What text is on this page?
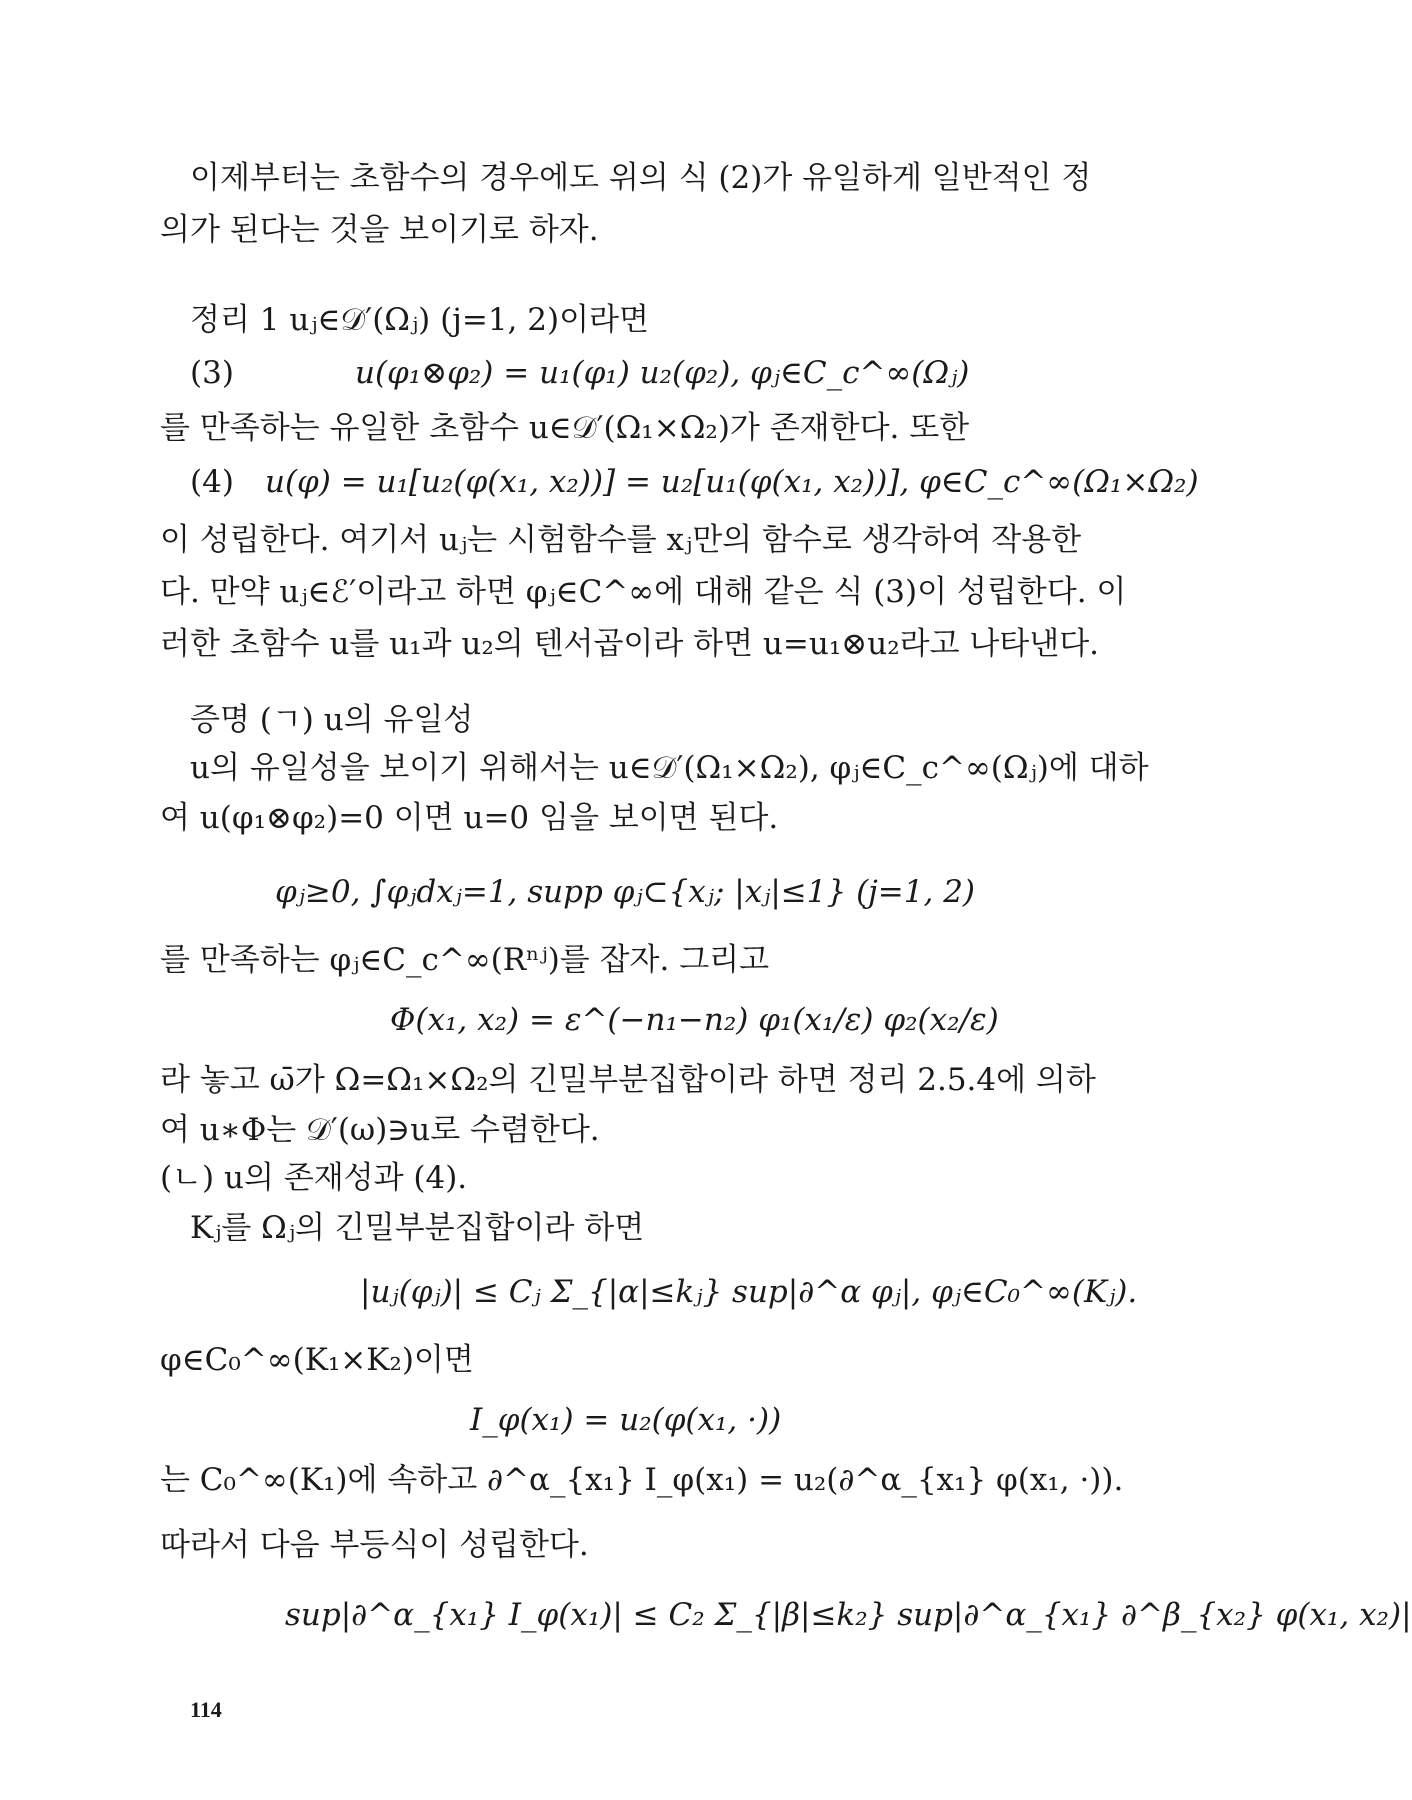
이제부터는 초함수의 경우에도 위의 식 (2)가 유일하게 일반적인 정
의가 된다는 것을 보이기로 하자.
정리 1 uⱼ∈𝒟′(Ωⱼ) (j=1, 2)이라면
(3)	u(φ₁⊗φ₂) = u₁(φ₁) u₂(φ₂), φⱼ∈C_c^∞(Ωⱼ)
를 만족하는 유일한 초함수 u∈𝒟′(Ω₁×Ω₂)가 존재한다. 또한
(4) u(φ) = u₁[u₂(φ(x₁, x₂))] = u₂[u₁(φ(x₁, x₂))], φ∈C_c^∞(Ω₁×Ω₂)
이 성립한다. 여기서 uⱼ는 시험함수를 xⱼ만의 함수로 생각하여 작용한
다. 만약 uⱼ∈ℰ′이라고 하면 φⱼ∈C^∞에 대해 같은 식 (3)이 성립한다. 이
러한 초함수 u를 u₁과 u₂의 텐서곱이라 하면 u=u₁⊗u₂라고 나타낸다.
증명 (ㄱ) u의 유일성
u의 유일성을 보이기 위해서는 u∈𝒟′(Ω₁×Ω₂), φⱼ∈C_c^∞(Ωⱼ)에 대하
여 u(φ₁⊗φ₂)=0 이면 u=0 임을 보이면 된다.
φⱼ≥0, ∫φⱼdxⱼ=1, supp φⱼ⊂{xⱼ; |xⱼ|≤1} (j=1, 2)
를 만족하는 φⱼ∈C_c^∞(Rⁿʲ)를 잡자. 그리고
Φ(x₁, x₂) = ε^(−n₁−n₂) φ₁(x₁/ε) φ₂(x₂/ε)
라 놓고 ω̄가 Ω=Ω₁×Ω₂의 긴밀부분집합이라 하면 정리 2.5.4에 의하
여 u∗Φ는 𝒟′(ω)∋u로 수렴한다.
(ㄴ) u의 존재성과 (4).
Kⱼ를 Ωⱼ의 긴밀부분집합이라 하면
|uⱼ(φⱼ)| ≤ Cⱼ Σ_{|α|≤kⱼ} sup|∂^α φⱼ|, φⱼ∈C₀^∞(Kⱼ).
φ∈C₀^∞(K₁×K₂)이면
I_φ(x₁) = u₂(φ(x₁, ·))
는 C₀^∞(K₁)에 속하고 ∂^α_{x₁} I_φ(x₁) = u₂(∂^α_{x₁} φ(x₁, ·)).
따라서 다음 부등식이 성립한다.
sup|∂^α_{x₁} I_φ(x₁)| ≤ C₂ Σ_{|β|≤k₂} sup|∂^α_{x₁} ∂^β_{x₂} φ(x₁, x₂)|
114
